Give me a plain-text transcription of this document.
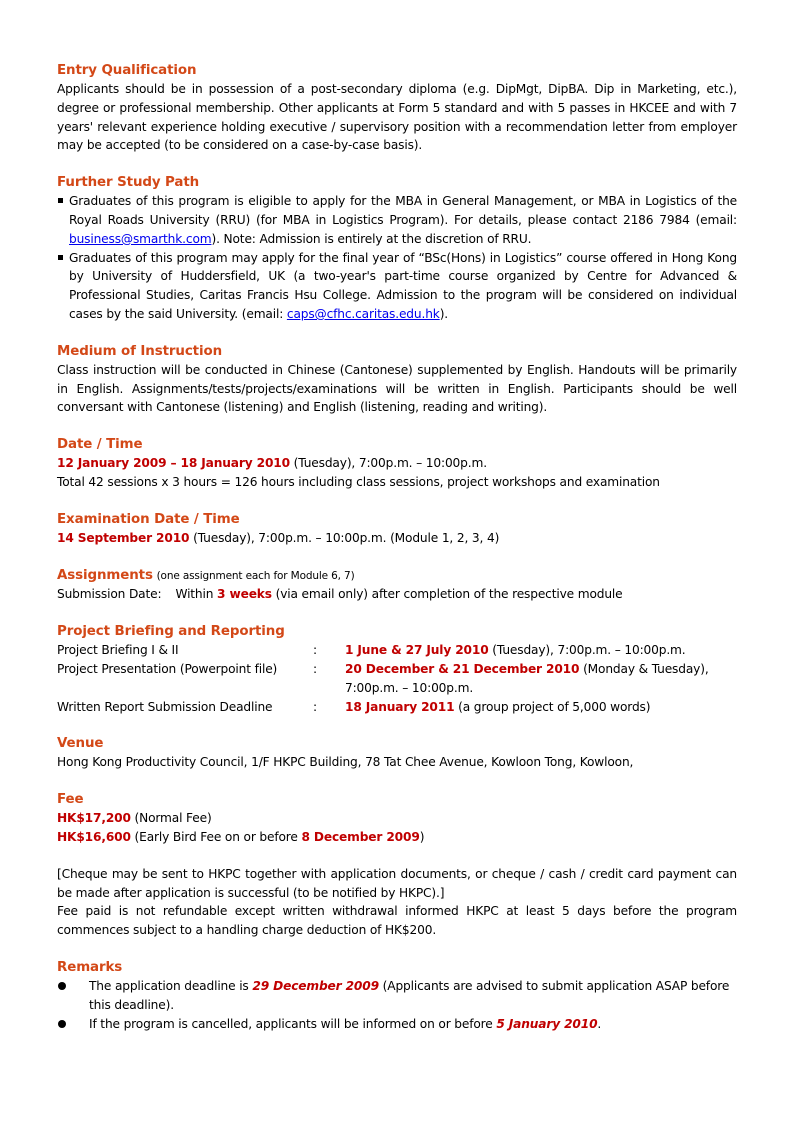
Entry Qualification
Applicants should be in possession of a post-secondary diploma (e.g. DipMgt, DipBA. Dip in Marketing, etc.), degree or professional membership. Other applicants at Form 5 standard and with 5 passes in HKCEE and with 7 years' relevant experience holding executive / supervisory position with a recommendation letter from employer may be accepted (to be considered on a case-by-case basis).
Further Study Path
Graduates of this program is eligible to apply for the MBA in General Management, or MBA in Logistics of the Royal Roads University (RRU) (for MBA in Logistics Program). For details, please contact 2186 7984 (email: business@smarthk.com). Note: Admission is entirely at the discretion of RRU.
Graduates of this program may apply for the final year of “BSc(Hons) in Logistics” course offered in Hong Kong by University of Huddersfield, UK (a two-year's part-time course organized by Centre for Advanced & Professional Studies, Caritas Francis Hsu College. Admission to the program will be considered on individual cases by the said University. (email: caps@cfhc.caritas.edu.hk).
Medium of Instruction
Class instruction will be conducted in Chinese (Cantonese) supplemented by English. Handouts will be primarily in English. Assignments/tests/projects/examinations will be written in English. Participants should be well conversant with Cantonese (listening) and English (listening, reading and writing).
Date / Time
12 January 2009 – 18 January 2010 (Tuesday), 7:00p.m. – 10:00p.m.
Total 42 sessions x 3 hours = 126 hours including class sessions, project workshops and examination
Examination Date / Time
14 September 2010 (Tuesday), 7:00p.m. – 10:00p.m. (Module 1, 2, 3, 4)
Assignments (one assignment each for Module 6, 7)
Submission Date: Within 3 weeks (via email only) after completion of the respective module
Project Briefing and Reporting
Project Briefing I & II	:	1 June & 27 July 2010 (Tuesday), 7:00p.m. – 10:00p.m.
Project Presentation (Powerpoint file)	:	20 December & 21 December 2010 (Monday & Tuesday),
7:00p.m. – 10:00p.m.
Written Report Submission Deadline	:	18 January 2011 (a group project of 5,000 words)
Venue
Hong Kong Productivity Council, 1/F HKPC Building, 78 Tat Chee Avenue, Kowloon Tong, Kowloon,
Fee
HK$17,200 (Normal Fee)
HK$16,600 (Early Bird Fee on or before 8 December 2009)
[Cheque may be sent to HKPC together with application documents, or cheque / cash / credit card payment can be made after application is successful (to be notified by HKPC).]
Fee paid is not refundable except written withdrawal informed HKPC at least 5 days before the program commences subject to a handling charge deduction of HK$200.
Remarks
The application deadline is 29 December 2009 (Applicants are advised to submit application ASAP before this deadline).
If the program is cancelled, applicants will be informed on or before 5 January 2010.
